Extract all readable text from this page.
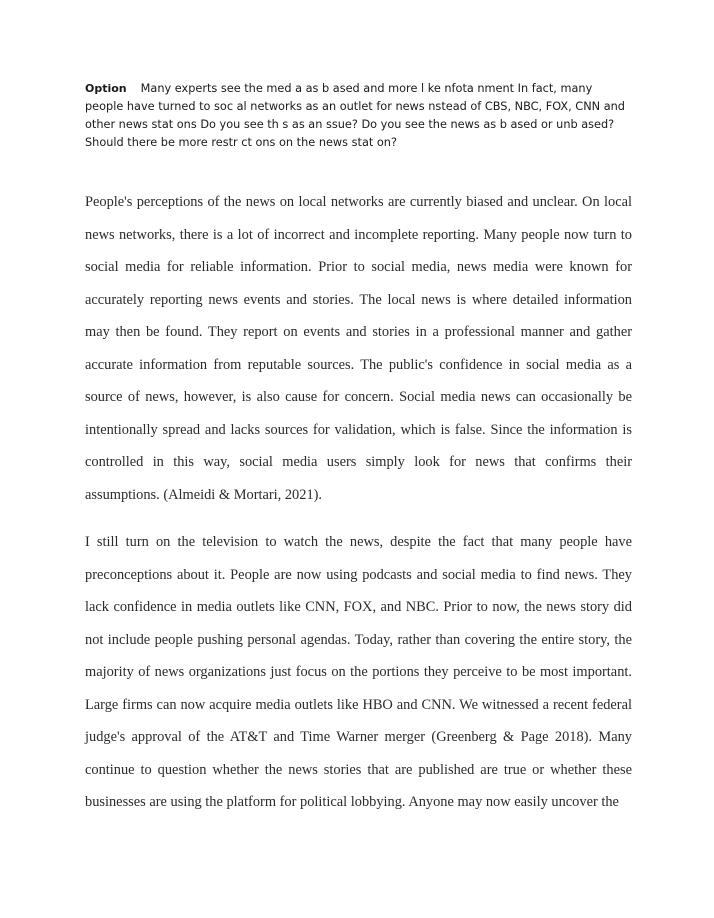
Option Many experts see the med a as b ased and more l ke nfota nment In fact, many people have turned to soc al networks as an outlet for news nstead of CBS, NBC, FOX, CNN and other news stat ons Do you see th s as an ssue? Do you see the news as b ased or unb ased? Should there be more restr ct ons on the news stat on?

People's perceptions of the news on local networks are currently biased and unclear. On local news networks, there is a lot of incorrect and incomplete reporting. Many people now turn to social media for reliable information. Prior to social media, news media were known for accurately reporting news events and stories. The local news is where detailed information may then be found. They report on events and stories in a professional manner and gather accurate information from reputable sources. The public's confidence in social media as a source of news, however, is also cause for concern. Social media news can occasionally be intentionally spread and lacks sources for validation, which is false. Since the information is controlled in this way, social media users simply look for news that confirms their assumptions. (Almeidi & Mortari, 2021).

I still turn on the television to watch the news, despite the fact that many people have preconceptions about it. People are now using podcasts and social media to find news. They lack confidence in media outlets like CNN, FOX, and NBC. Prior to now, the news story did not include people pushing personal agendas. Today, rather than covering the entire story, the majority of news organizations just focus on the portions they perceive to be most important. Large firms can now acquire media outlets like HBO and CNN. We witnessed a recent federal judge's approval of the AT&T and Time Warner merger (Greenberg & Page 2018). Many continue to question whether the news stories that are published are true or whether these businesses are using the platform for political lobbying. Anyone may now easily uncover the
